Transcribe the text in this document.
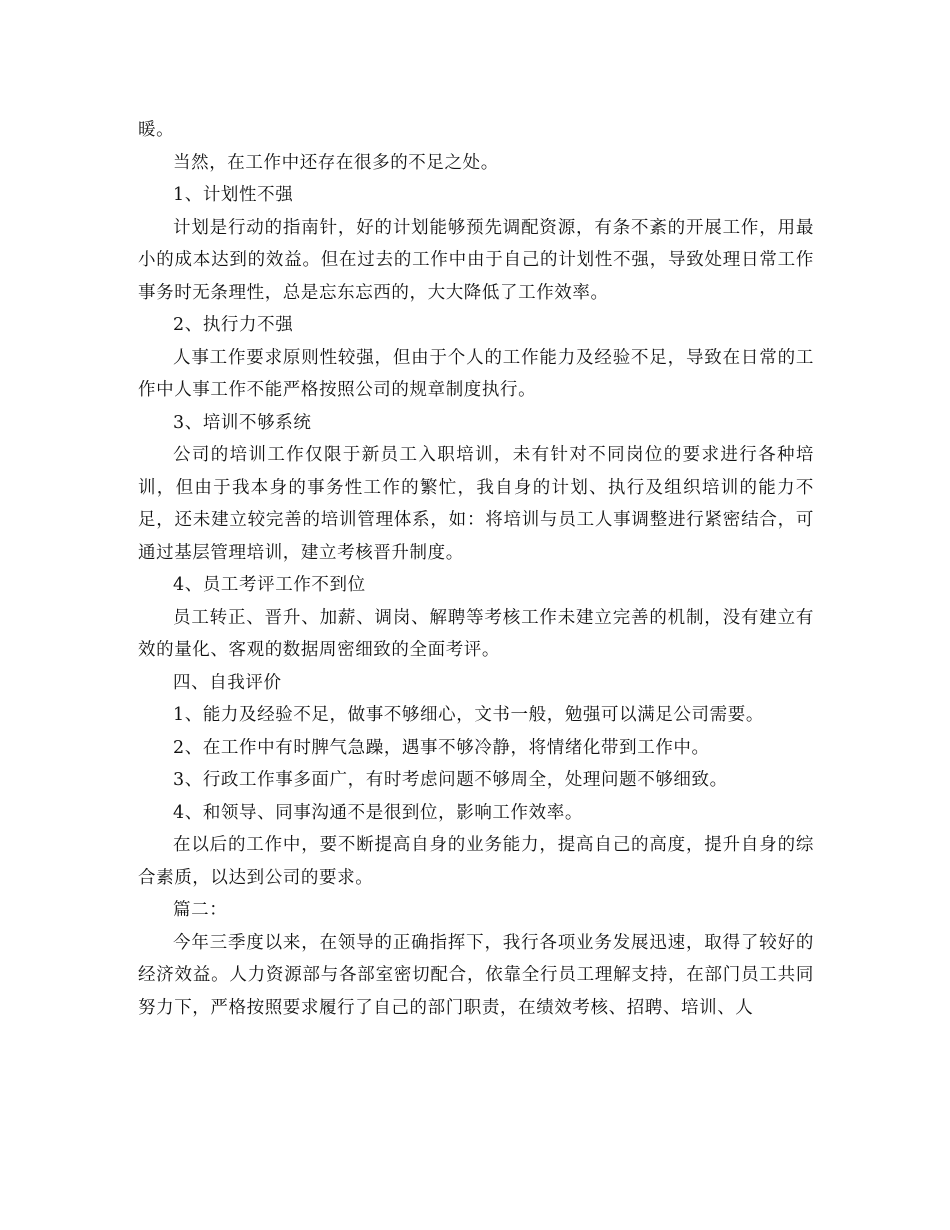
暖。

当然，在工作中还存在很多的不足之处。

1、计划性不强

计划是行动的指南针，好的计划能够预先调配资源，有条不紊的开展工作，用最小的成本达到的效益。但在过去的工作中由于自己的计划性不强，导致处理日常工作事务时无条理性，总是忘东忘西的，大大降低了工作效率。

2、执行力不强

人事工作要求原则性较强，但由于个人的工作能力及经验不足，导致在日常的工作中人事工作不能严格按照公司的规章制度执行。

3、培训不够系统

公司的培训工作仅限于新员工入职培训，未有针对不同岗位的要求进行各种培训，但由于我本身的事务性工作的繁忙，我自身的计划、执行及组织培训的能力不足，还未建立较完善的培训管理体系，如：将培训与员工人事调整进行紧密结合，可通过基层管理培训，建立考核晋升制度。

4、员工考评工作不到位

员工转正、晋升、加薪、调岗、解聘等考核工作未建立完善的机制，没有建立有效的量化、客观的数据周密细致的全面考评。

四、自我评价

1、能力及经验不足，做事不够细心，文书一般，勉强可以满足公司需要。

2、在工作中有时脾气急躁，遇事不够冷静，将情绪化带到工作中。

3、行政工作事多面广，有时考虑问题不够周全，处理问题不够细致。

4、和领导、同事沟通不是很到位，影响工作效率。

在以后的工作中，要不断提高自身的业务能力，提高自己的高度，提升自身的综合素质，以达到公司的要求。

篇二：

今年三季度以来，在领导的正确指挥下，我行各项业务发展迅速，取得了较好的经济效益。人力资源部与各部室密切配合，依靠全行员工理解支持，在部门员工共同努力下，严格按照要求履行了自己的部门职责，在绩效考核、招聘、培训、人
